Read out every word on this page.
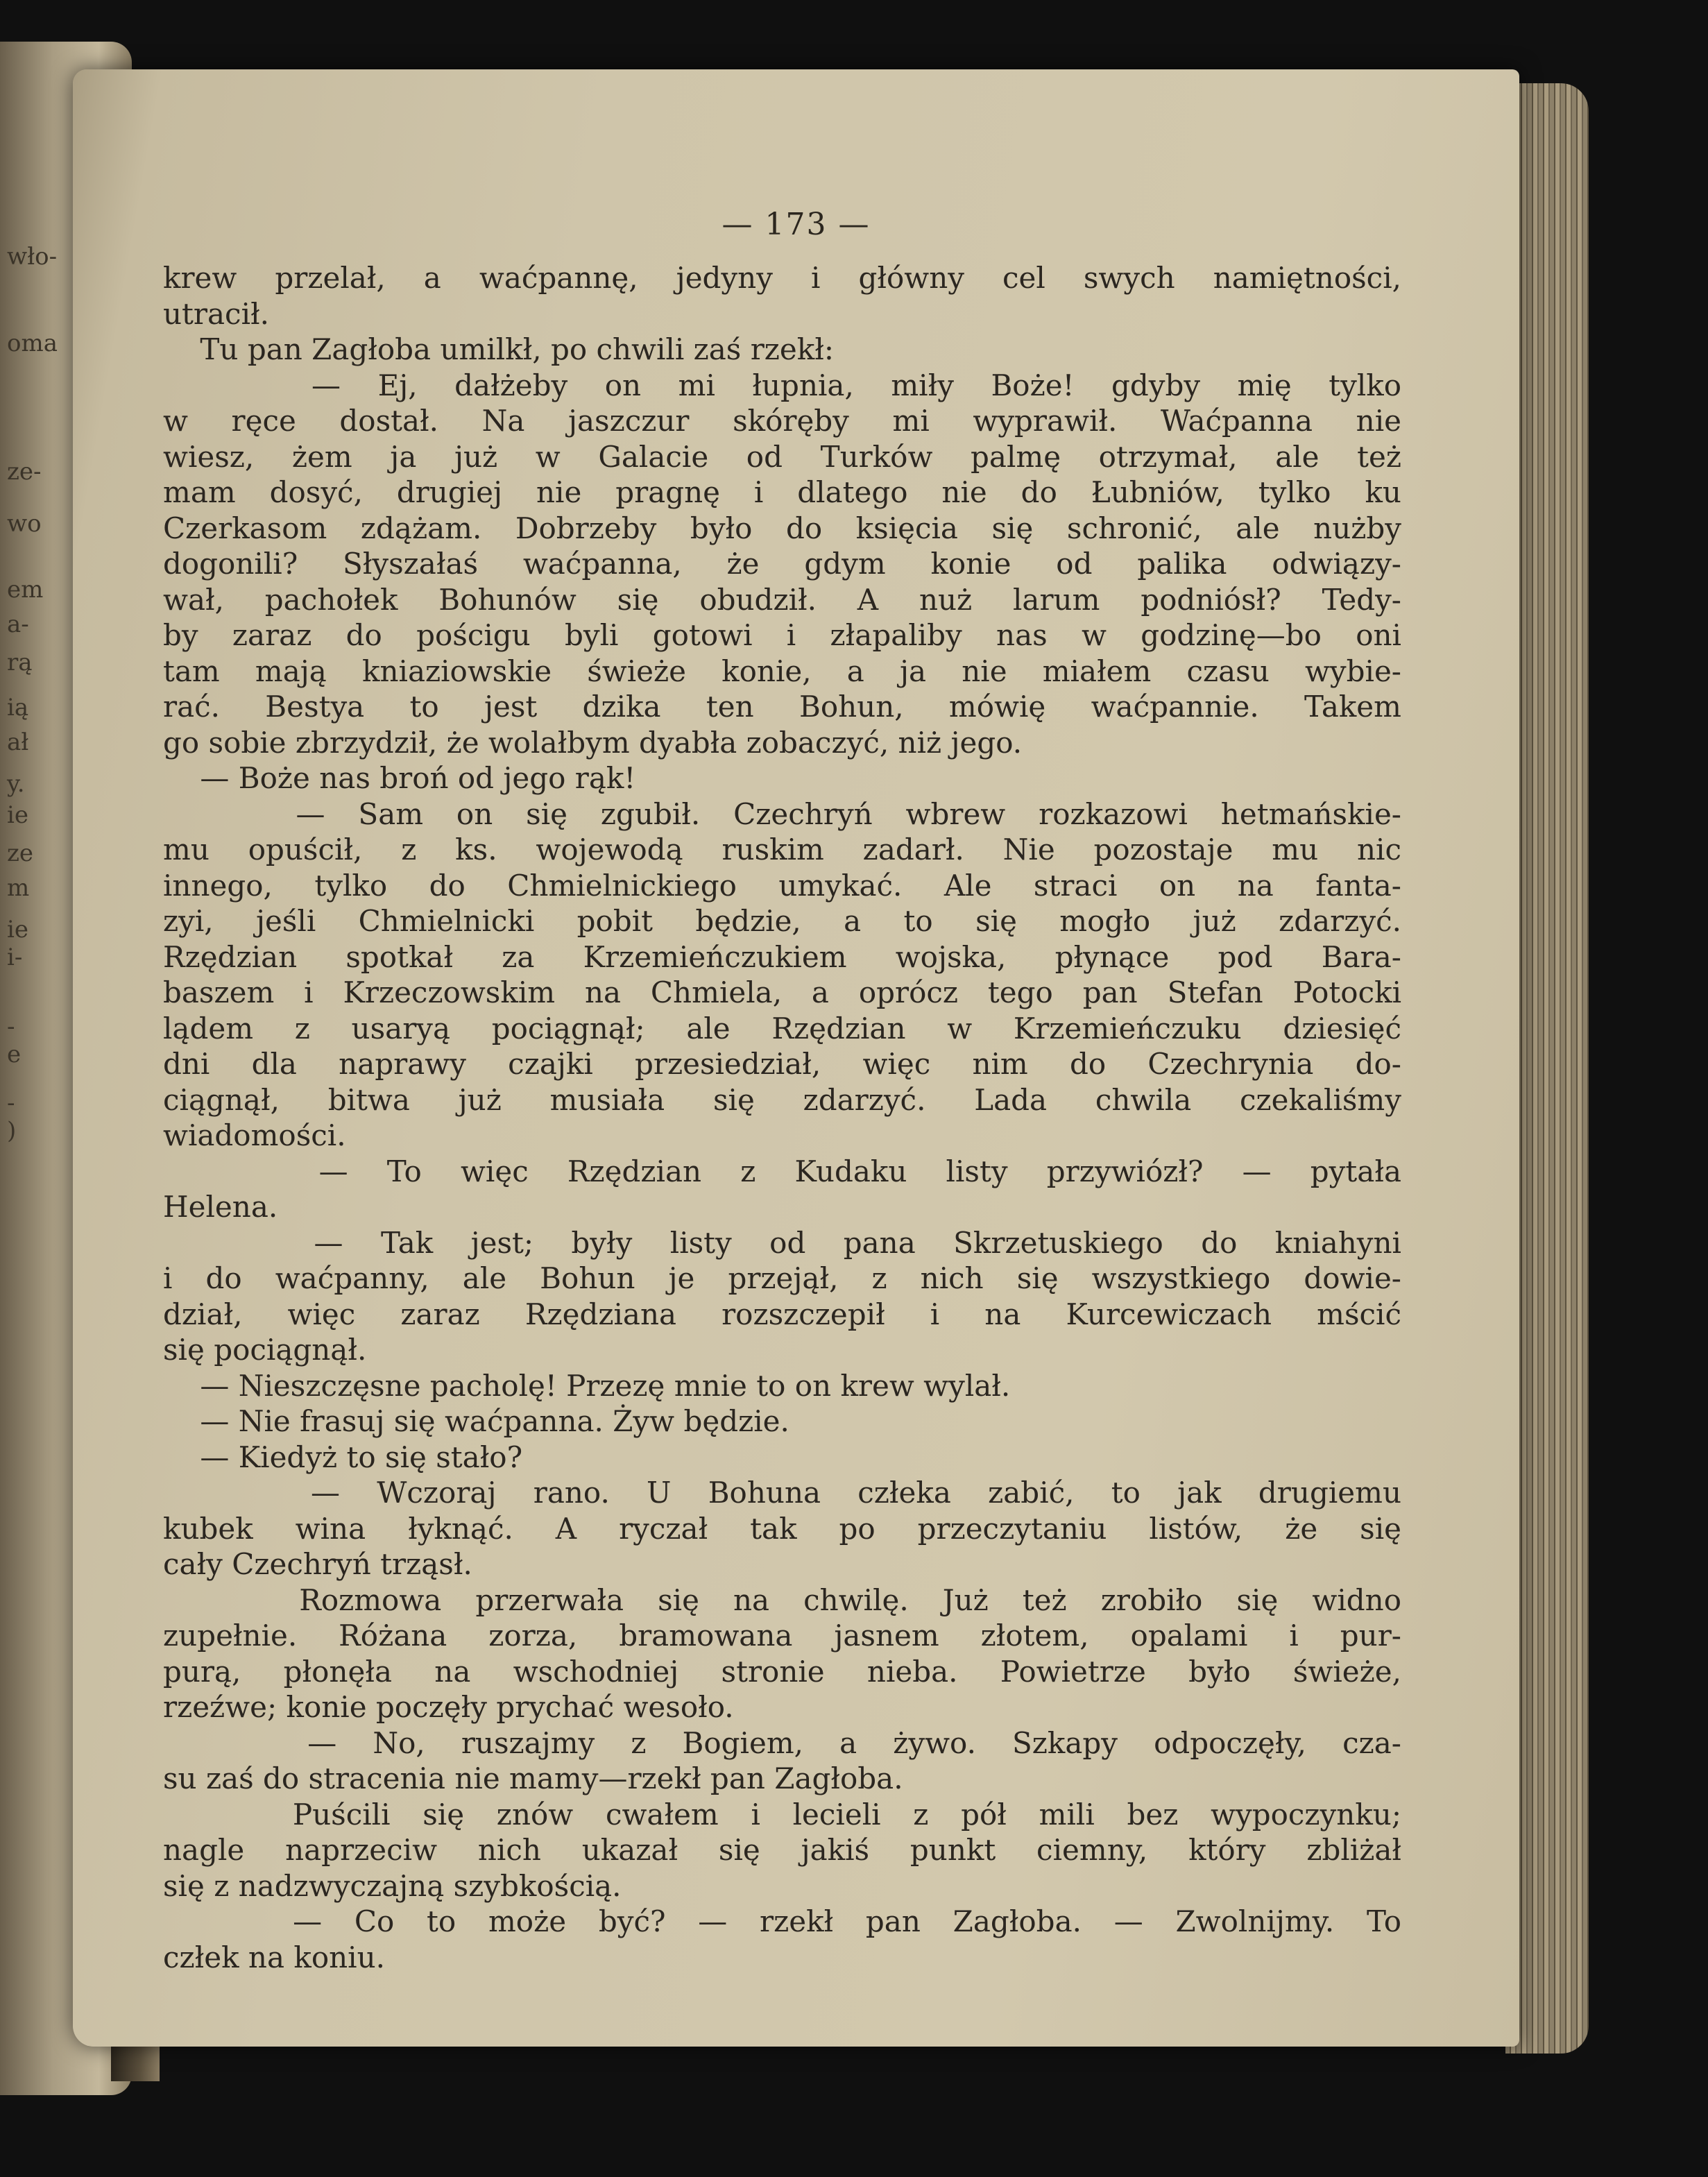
włο-
oma
ze-
wo
em
a-
rą
ią
ał
y.
ie
ze
m
ie
i-
-
e
-
)
— 173 —
krew przelał, a waćpannę, jedyny i główny cel swych namiętności,
utracił.
Tu pan Zagłoba umilkł, po chwili zaś rzekł:
— Ej, dałżeby on mi łupnia, miły Boże! gdyby mię tylko
w ręce dostał. Na jaszczur skóręby mi wyprawił. Waćpanna nie
wiesz, żem ja już w Galacie od Turków palmę otrzymał, ale też
mam dosyć, drugiej nie pragnę i dlatego nie do Łubniów, tylko ku
Czerkasom zdążam. Dobrzeby było do księcia się schronić, ale nużby
dogonili? Słyszałaś waćpanna, że gdym konie od palika odwiązy-
wał, pachołek Bohunów się obudził. A nuż larum podniósł? Tedy-
by zaraz do pościgu byli gotowi i złapaliby nas w godzinę—bo oni
tam mają kniaziowskie świeże konie, a ja nie miałem czasu wybie-
rać. Bestya to jest dzika ten Bohun, mówię waćpannie. Takem
go sobie zbrzydził, że wolałbym dyabła zobaczyć, niż jego.
— Boże nas broń od jego rąk!
— Sam on się zgubił. Czechryń wbrew rozkazowi hetmańskie-
mu opuścił, z ks. wojewodą ruskim zadarł. Nie pozostaje mu nic
innego, tylko do Chmielnickiego umykać. Ale straci on na fanta-
zyi, jeśli Chmielnicki pobit będzie, a to się mogło już zdarzyć.
Rzędzian spotkał za Krzemieńczukiem wojska, płynące pod Bara-
baszem i Krzeczowskim na Chmiela, a oprócz tego pan Stefan Potocki
lądem z usaryą pociągnął; ale Rzędzian w Krzemieńczuku dziesięć
dni dla naprawy czajki przesiedział, więc nim do Czechrynia do-
ciągnął, bitwa już musiała się zdarzyć. Lada chwila czekaliśmy
wiadomości.
— To więc Rzędzian z Kudaku listy przywiózł? — pytała
Helena.
— Tak jest; były listy od pana Skrzetuskiego do kniahyni
i do waćpanny, ale Bohun je przejął, z nich się wszystkiego dowie-
dział, więc zaraz Rzędziana rozszczepił i na Kurcewiczach mścić
się pociągnął.
— Nieszczęsne pacholę! Przezę mnie to on krew wylał.
— Nie frasuj się waćpanna. Żyw będzie.
— Kiedyż to się stało?
— Wczoraj rano. U Bohuna człeka zabić, to jak drugiemu
kubek wina łyknąć. A ryczał tak po przeczytaniu listów, że się
cały Czechryń trząsł.
Rozmowa przerwała się na chwilę. Już też zrobiło się widno
zupełnie. Różana zorza, bramowana jasnem złotem, opalami i pur-
purą, płonęła na wschodniej stronie nieba. Powietrze było świeże,
rzeźwe; konie poczęły prychać wesoło.
— No, ruszajmy z Bogiem, a żywo. Szkapy odpoczęły, cza-
su zaś do stracenia nie mamy—rzekł pan Zagłoba.
Puścili się znów cwałem i lecieli z pół mili bez wypoczynku;
nagle naprzeciw nich ukazał się jakiś punkt ciemny, który zbliżał
się z nadzwyczajną szybkością.
— Co to może być? — rzekł pan Zagłoba. — Zwolnijmy. To
człek na koniu.
